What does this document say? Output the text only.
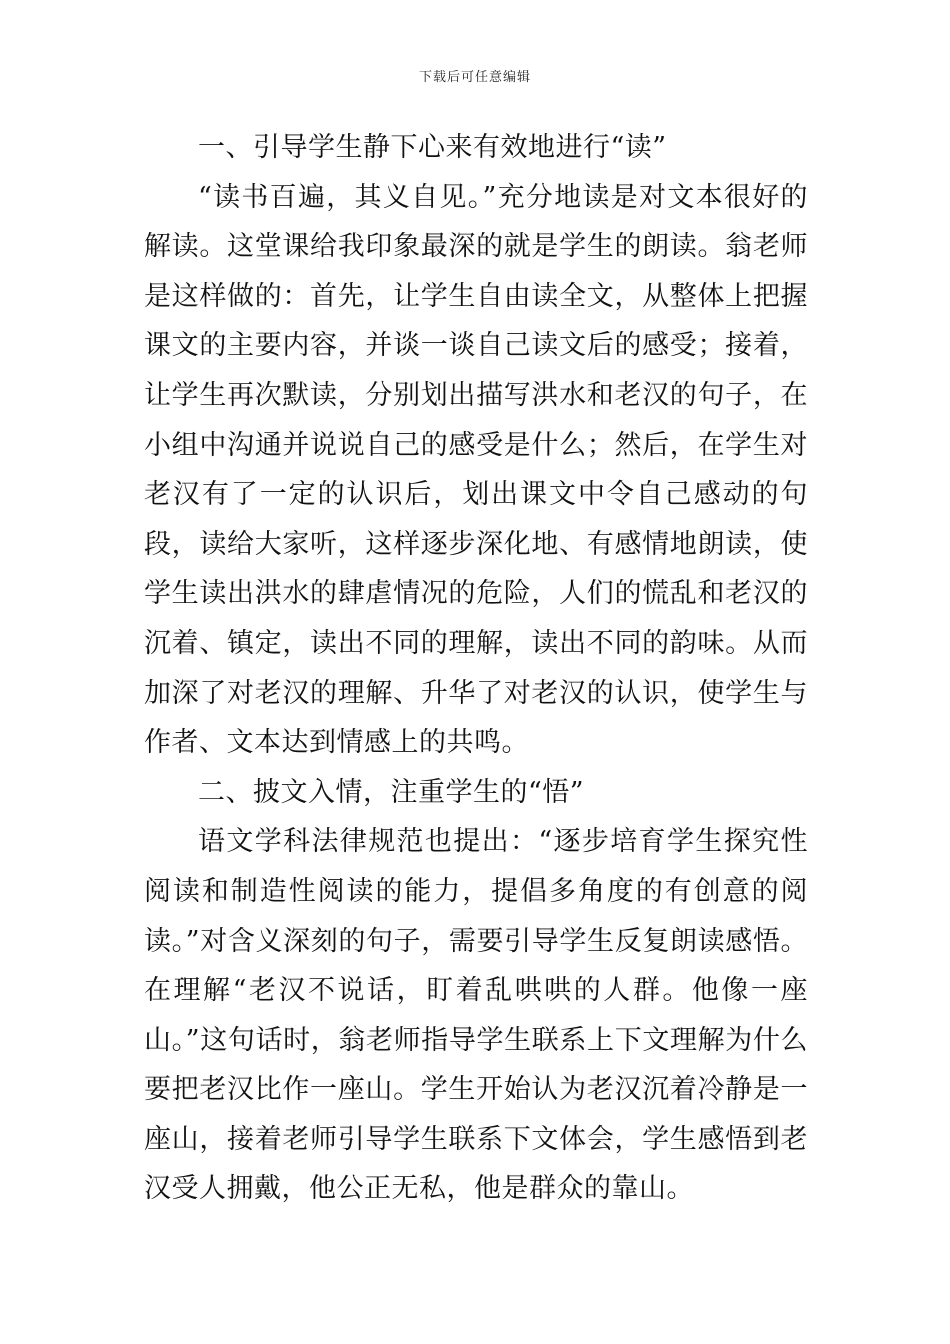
下载后可任意编辑

一、引导学生静下心来有效地进行“读”

“读书百遍，其义自见。”充分地读是对文本很好的解读。这堂课给我印象最深的就是学生的朗读。翁老师是这样做的：首先，让学生自由读全文，从整体上把握课文的主要内容，并谈一谈自己读文后的感受；接着，让学生再次默读，分别划出描写洪水和老汉的句子，在小组中沟通并说说自己的感受是什么；然后，在学生对老汉有了一定的认识后，划出课文中令自己感动的句段，读给大家听，这样逐步深化地、有感情地朗读，使学生读出洪水的肆虐情况的危险，人们的慌乱和老汉的沉着、镇定，读出不同的理解，读出不同的韵味。从而加深了对老汉的理解、升华了对老汉的认识，使学生与作者、文本达到情感上的共鸣。

二、披文入情，注重学生的“悟”

语文学科法律规范也提出：“逐步培育学生探究性阅读和制造性阅读的能力，提倡多角度的有创意的阅读。”对含义深刻的句子，需要引导学生反复朗读感悟。在理解“老汉不说话，盯着乱哄哄的人群。他像一座山。”这句话时，翁老师指导学生联系上下文理解为什么要把老汉比作一座山。学生开始认为老汉沉着冷静是一座山，接着老师引导学生联系下文体会，学生感悟到老汉受人拥戴，他公正无私，他是群众的靠山。
